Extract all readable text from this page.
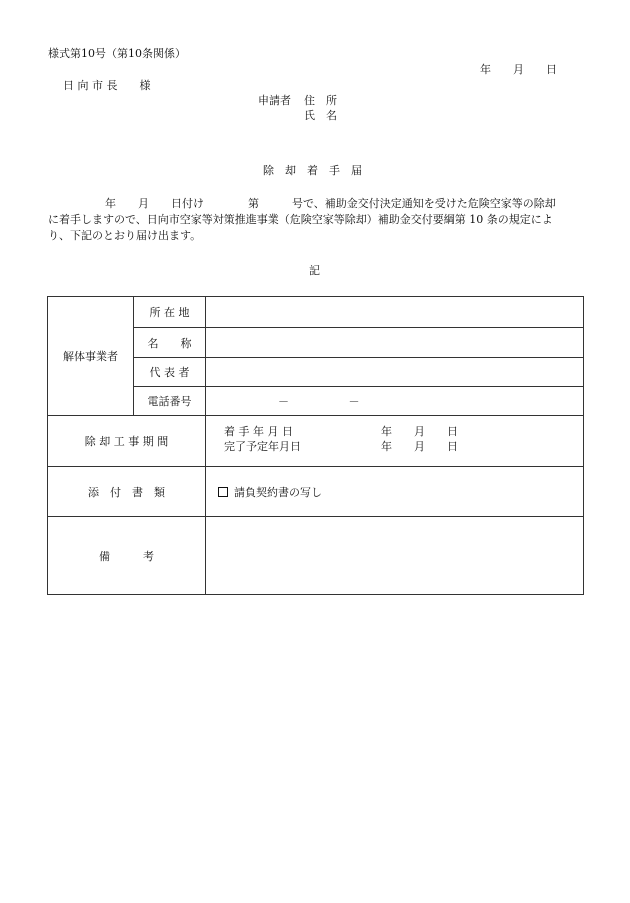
様式第10号（第10条関係）
年　　月　　日
日 向 市 長　　様
申請者 住　所
氏　名
除　却　着　手　届
年　　月　　日付け　　　　第　　　号で、補助金交付決定通知を受けた危険空家等の除却
に着手しますので、日向市空家等対策推進事業（危険空家等除却）補助金交付要綱第 10 条の規定によ
り、下記のとおり届け出ます。
記
解体事業者	所 在 地	
	名　　称	
	代 表 者	
	電話番号	－ －
除 却 工 事 期 間		着 手 年 月 日 年　　月　　日
完了予定年月日 年　　月　　日

添　付　書　類		請負契約書の写し
備　　　考		
